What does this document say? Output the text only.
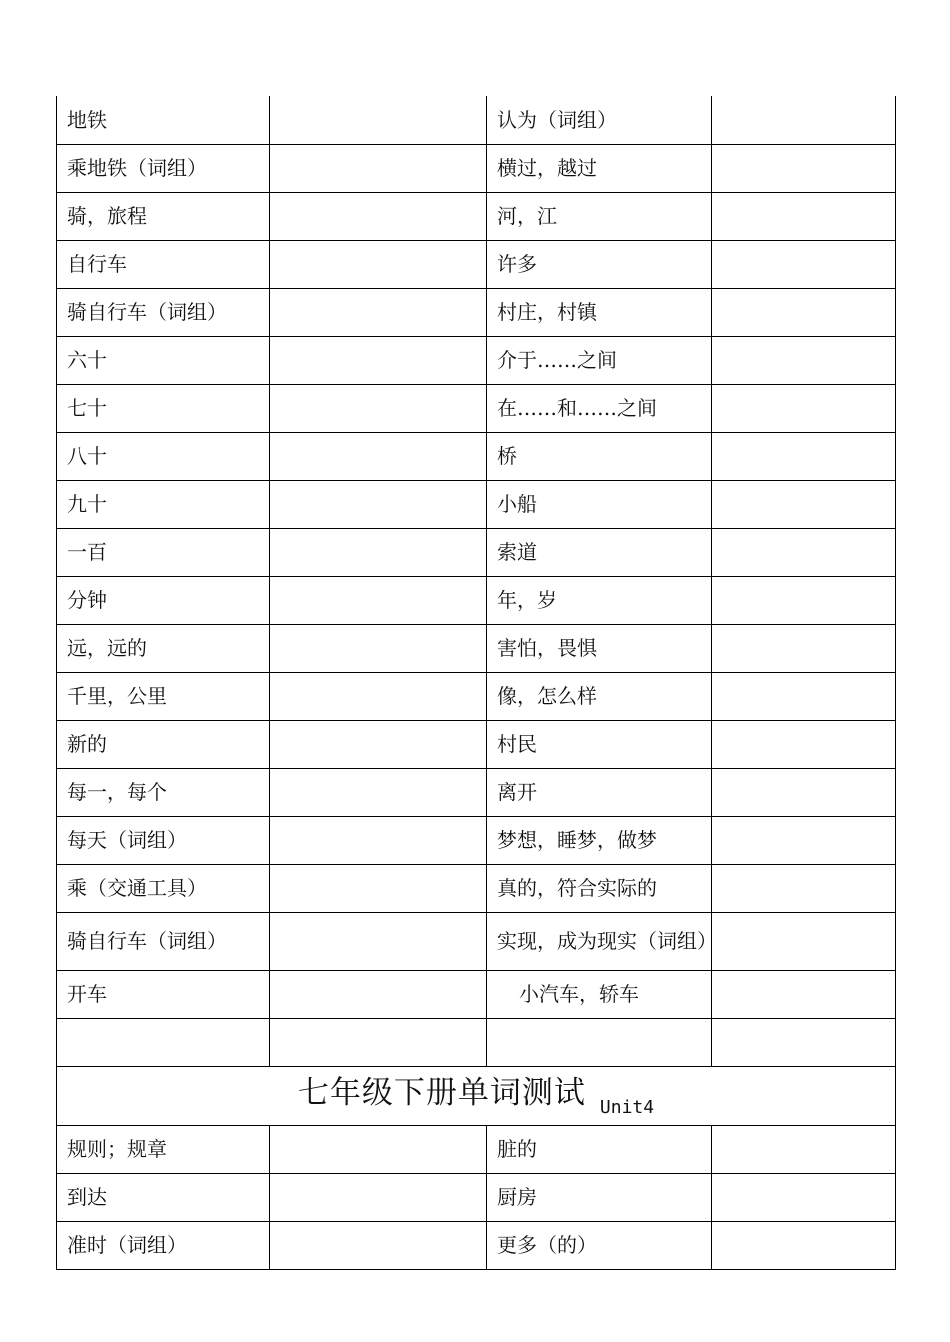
地铁		认为（词组）	
乘地铁（词组）		横过，越过	
骑，旅程		河，江	
自行车		许多	
骑自行车（词组）		村庄，村镇	
六十		介于……之间	
七十		在……和……之间	
八十		桥	
九十		小船	
一百		索道	
分钟		年，岁	
远，远的		害怕，畏惧	
千里，公里		像，怎么样	
新的		村民	
每一，每个		离开	
每天（词组）		梦想，睡梦，做梦	
乘（交通工具）		真的，符合实际的	
骑自行车（词组）		实现，成为现实（词组）	
开车		小汽车，轿车	

七年级下册单词测试 Unit4			
规则；规章		脏的	
到达		厨房	
准时（词组）		更多（的）	
